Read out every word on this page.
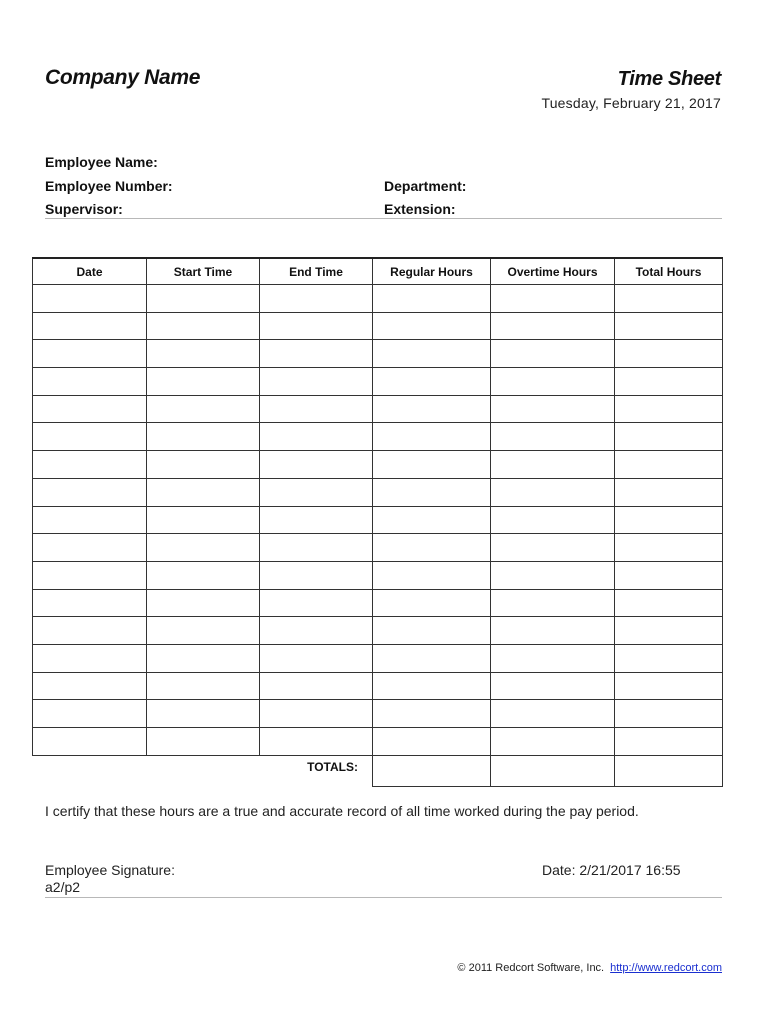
Company Name	Time Sheet
Tuesday, February 21, 2017
Employee Name:
Employee Number:
Supervisor:
Department:
Extension:
Date	Start Time	End Time	Regular Hours	Overtime Hours	Total Hours

		TOTALS:			
I certify that these hours are a true and accurate record of all time worked during the pay period.
Employee Signature:
a2/p2
Date: 2/21/2017 16:55
© 2011 Redcort Software, Inc. http://www.redcort.com
